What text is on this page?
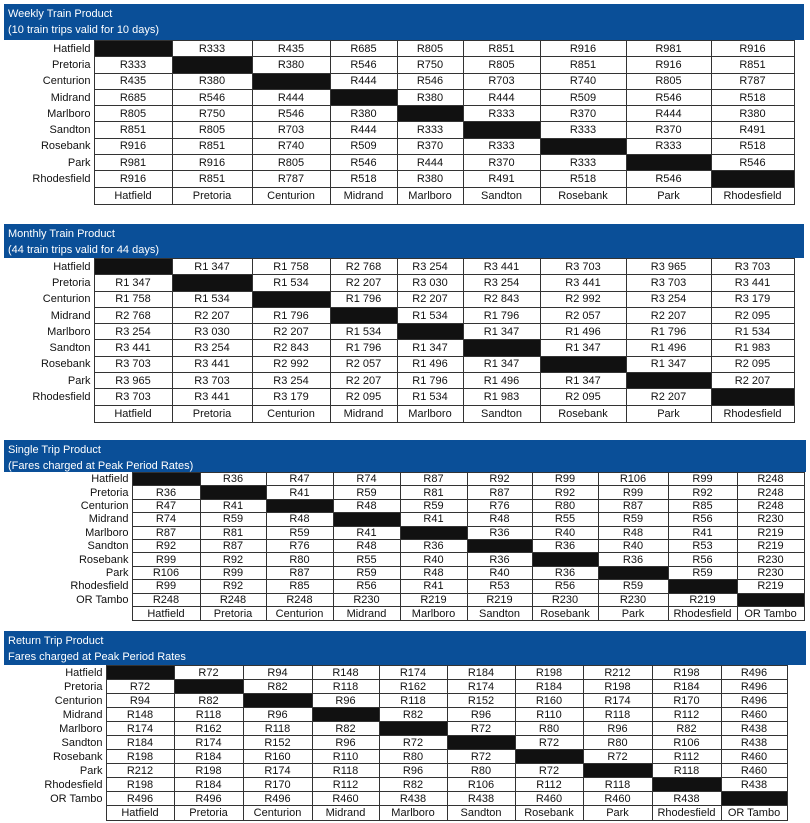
Weekly Train Product
(10 train trips valid for 10 days)
Hatfield		R333	R435	R685	R805	R851	R916	R981	R916
Pretoria	R333		R380	R546	R750	R805	R851	R916	R851
Centurion	R435	R380		R444	R546	R703	R740	R805	R787
Midrand	R685	R546	R444		R380	R444	R509	R546	R518
Marlboro	R805	R750	R546	R380		R333	R370	R444	R380
Sandton	R851	R805	R703	R444	R333		R333	R370	R491
Rosebank	R916	R851	R740	R509	R370	R333		R333	R518
Park	R981	R916	R805	R546	R444	R370	R333		R546
Rhodesfield	R916	R851	R787	R518	R380	R491	R518	R546	
	Hatfield	Pretoria	Centurion	Midrand	Marlboro	Sandton	Rosebank	Park	Rhodesfield
Monthly Train Product
(44 train trips valid for 44 days)
Hatfield		R1 347	R1 758	R2 768	R3 254	R3 441	R3 703	R3 965	R3 703
Pretoria	R1 347		R1 534	R2 207	R3 030	R3 254	R3 441	R3 703	R3 441
Centurion	R1 758	R1 534		R1 796	R2 207	R2 843	R2 992	R3 254	R3 179
Midrand	R2 768	R2 207	R1 796		R1 534	R1 796	R2 057	R2 207	R2 095
Marlboro	R3 254	R3 030	R2 207	R1 534		R1 347	R1 496	R1 796	R1 534
Sandton	R3 441	R3 254	R2 843	R1 796	R1 347		R1 347	R1 496	R1 983
Rosebank	R3 703	R3 441	R2 992	R2 057	R1 496	R1 347		R1 347	R2 095
Park	R3 965	R3 703	R3 254	R2 207	R1 796	R1 496	R1 347		R2 207
Rhodesfield	R3 703	R3 441	R3 179	R2 095	R1 534	R1 983	R2 095	R2 207	
	Hatfield	Pretoria	Centurion	Midrand	Marlboro	Sandton	Rosebank	Park	Rhodesfield
Single Trip Product
(Fares charged at Peak Period Rates)
Hatfield		R36	R47	R74	R87	R92	R99	R106	R99	R248
Pretoria	R36		R41	R59	R81	R87	R92	R99	R92	R248
Centurion	R47	R41		R48	R59	R76	R80	R87	R85	R248
Midrand	R74	R59	R48		R41	R48	R55	R59	R56	R230
Marlboro	R87	R81	R59	R41		R36	R40	R48	R41	R219
Sandton	R92	R87	R76	R48	R36		R36	R40	R53	R219
Rosebank	R99	R92	R80	R55	R40	R36		R36	R56	R230
Park	R106	R99	R87	R59	R48	R40	R36		R59	R230
Rhodesfield	R99	R92	R85	R56	R41	R53	R56	R59		R219
OR Tambo	R248	R248	R248	R230	R219	R219	R230	R230	R219	
	Hatfield	Pretoria	Centurion	Midrand	Marlboro	Sandton	Rosebank	Park	Rhodesfield	OR Tambo
Return Trip Product
Fares charged at Peak Period Rates
Hatfield		R72	R94	R148	R174	R184	R198	R212	R198	R496
Pretoria	R72		R82	R118	R162	R174	R184	R198	R184	R496
Centurion	R94	R82		R96	R118	R152	R160	R174	R170	R496
Midrand	R148	R118	R96		R82	R96	R110	R118	R112	R460
Marlboro	R174	R162	R118	R82		R72	R80	R96	R82	R438
Sandton	R184	R174	R152	R96	R72		R72	R80	R106	R438
Rosebank	R198	R184	R160	R110	R80	R72		R72	R112	R460
Park	R212	R198	R174	R118	R96	R80	R72		R118	R460
Rhodesfield	R198	R184	R170	R112	R82	R106	R112	R118		R438
OR Tambo	R496	R496	R496	R460	R438	R438	R460	R460	R438	
	Hatfield	Pretoria	Centurion	Midrand	Marlboro	Sandton	Rosebank	Park	Rhodesfield	OR Tambo
